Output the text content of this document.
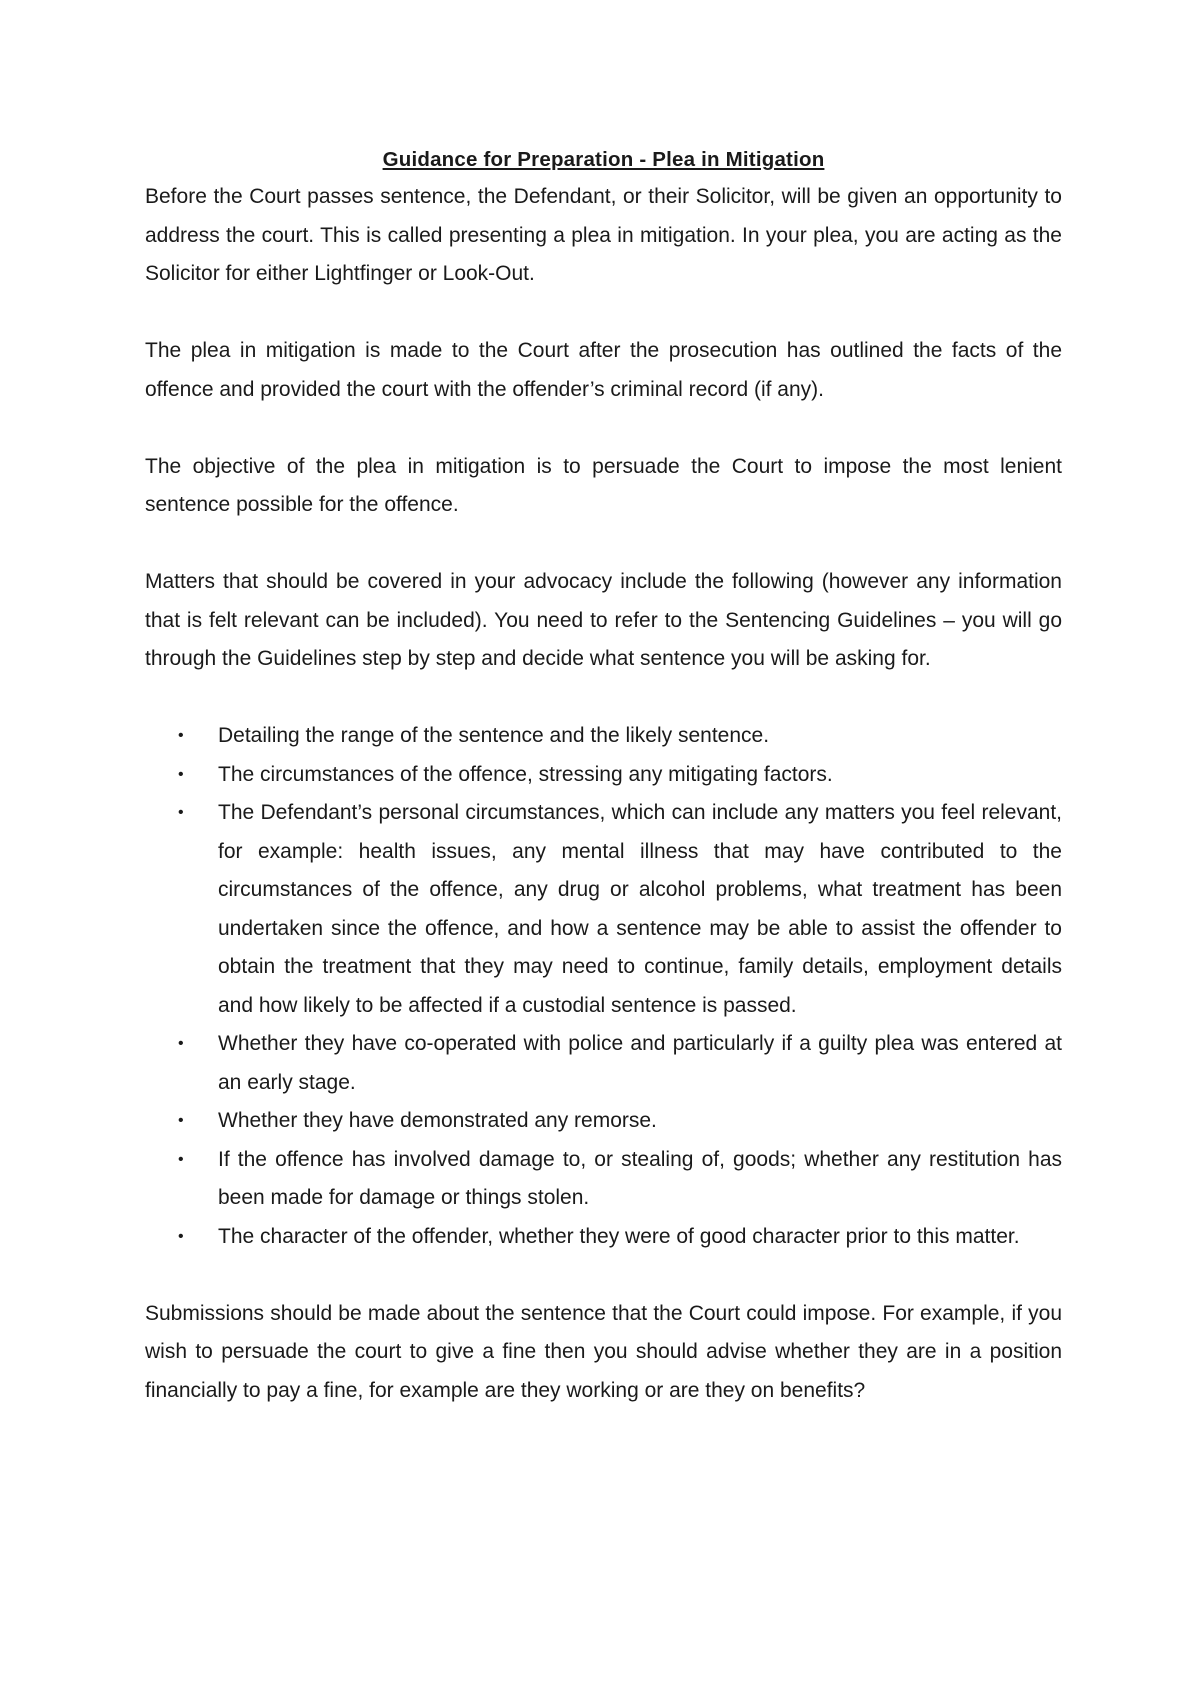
Guidance for Preparation - Plea in Mitigation

Before the Court passes sentence, the Defendant, or their Solicitor, will be given an opportunity to address the court. This is called presenting a plea in mitigation. In your plea, you are acting as the Solicitor for either Lightfinger or Look-Out.

The plea in mitigation is made to the Court after the prosecution has outlined the facts of the offence and provided the court with the offender’s criminal record (if any).

The objective of the plea in mitigation is to persuade the Court to impose the most lenient sentence possible for the offence.

Matters that should be covered in your advocacy include the following (however any information that is felt relevant can be included). You need to refer to the Sentencing Guidelines – you will go through the Guidelines step by step and decide what sentence you will be asking for.

• Detailing the range of the sentence and the likely sentence.
• The circumstances of the offence, stressing any mitigating factors.
• The Defendant’s personal circumstances, which can include any matters you feel relevant, for example: health issues, any mental illness that may have contributed to the circumstances of the offence, any drug or alcohol problems, what treatment has been undertaken since the offence, and how a sentence may be able to assist the offender to obtain the treatment that they may need to continue, family details, employment details and how likely to be affected if a custodial sentence is passed.
• Whether they have co-operated with police and particularly if a guilty plea was entered at an early stage.
• Whether they have demonstrated any remorse.
• If the offence has involved damage to, or stealing of, goods; whether any restitution has been made for damage or things stolen.
• The character of the offender, whether they were of good character prior to this matter.

Submissions should be made about the sentence that the Court could impose. For example, if you wish to persuade the court to give a fine then you should advise whether they are in a position financially to pay a fine, for example are they working or are they on benefits?
